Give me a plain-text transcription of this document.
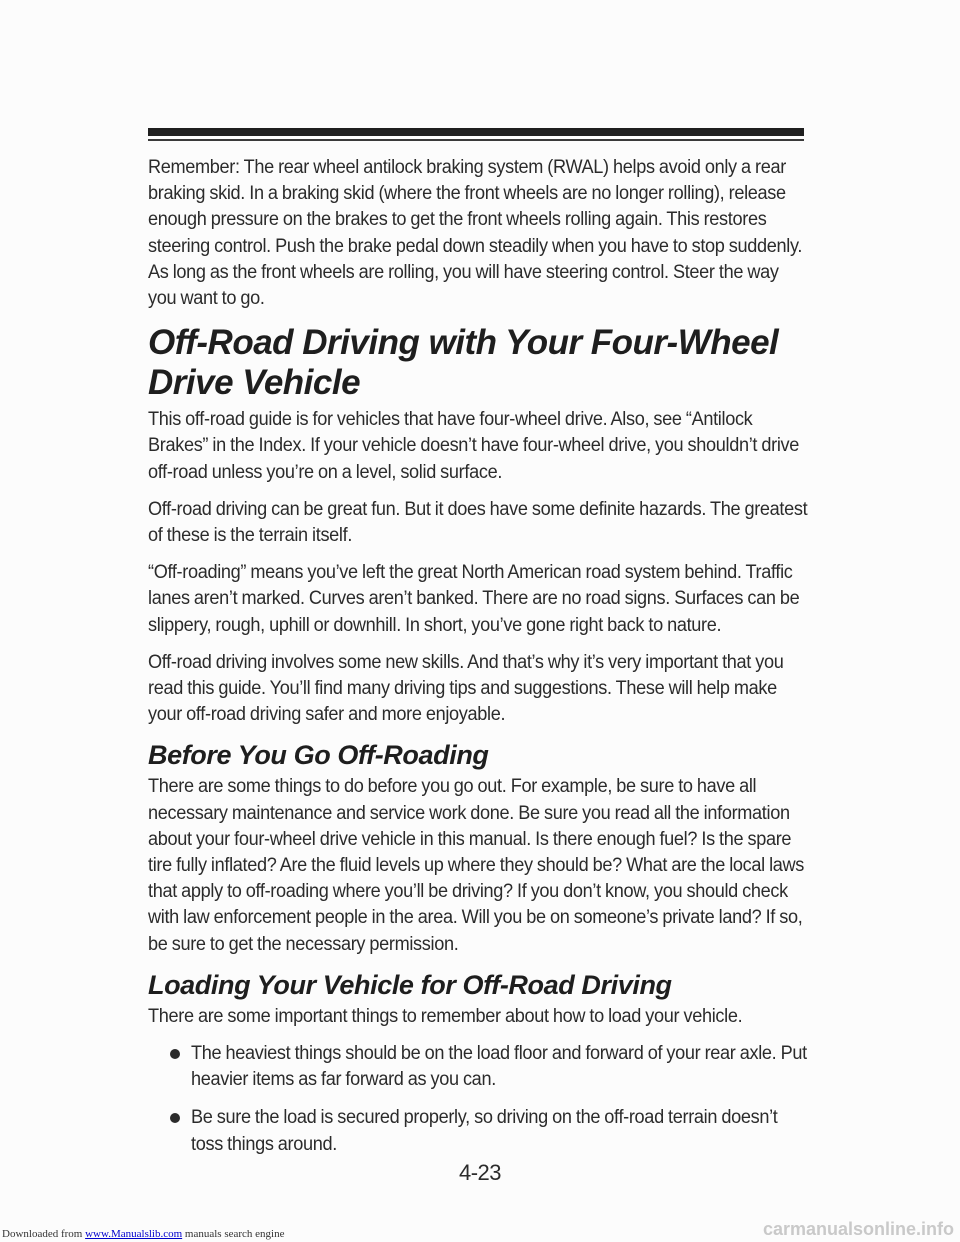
Remember: The rear wheel antilock braking system (RWAL) helps avoid only a rear braking skid. In a braking skid (where the front wheels are no longer rolling), release enough pressure on the brakes to get the front wheels rolling again. This restores steering control. Push the brake pedal down steadily when you have to stop suddenly. As long as the front wheels are rolling, you will have steering control. Steer the way you want to go.

Off-Road Driving with Your Four-Wheel Drive Vehicle

This off-road guide is for vehicles that have four-wheel drive. Also, see “Antilock Brakes” in the Index. If your vehicle doesn’t have four-wheel drive, you shouldn’t drive off-road unless you’re on a level, solid surface.

Off-road driving can be great fun. But it does have some definite hazards. The greatest of these is the terrain itself.

“Off-roading” means you’ve left the great North American road system behind. Traffic lanes aren’t marked. Curves aren’t banked. There are no road signs. Surfaces can be slippery, rough, uphill or downhill. In short, you’ve gone right back to nature.

Off-road driving involves some new skills. And that’s why it’s very important that you read this guide. You’ll find many driving tips and suggestions. These will help make your off-road driving safer and more enjoyable.

Before You Go Off-Roading

There are some things to do before you go out. For example, be sure to have all necessary maintenance and service work done. Be sure you read all the information about your four-wheel drive vehicle in this manual. Is there enough fuel? Is the spare tire fully inflated? Are the fluid levels up where they should be? What are the local laws that apply to off-roading where you’ll be driving? If you don’t know, you should check with law enforcement people in the area. Will you be on someone’s private land? If so, be sure to get the necessary permission.

Loading Your Vehicle for Off-Road Driving

There are some important things to remember about how to load your vehicle.

The heaviest things should be on the load floor and forward of your rear axle. Put heavier items as far forward as you can.
Be sure the load is secured properly, so driving on the off-road terrain doesn’t toss things around.
4-23
Downloaded from www.Manualslib.com manuals search engine	carmanualsonline.info
